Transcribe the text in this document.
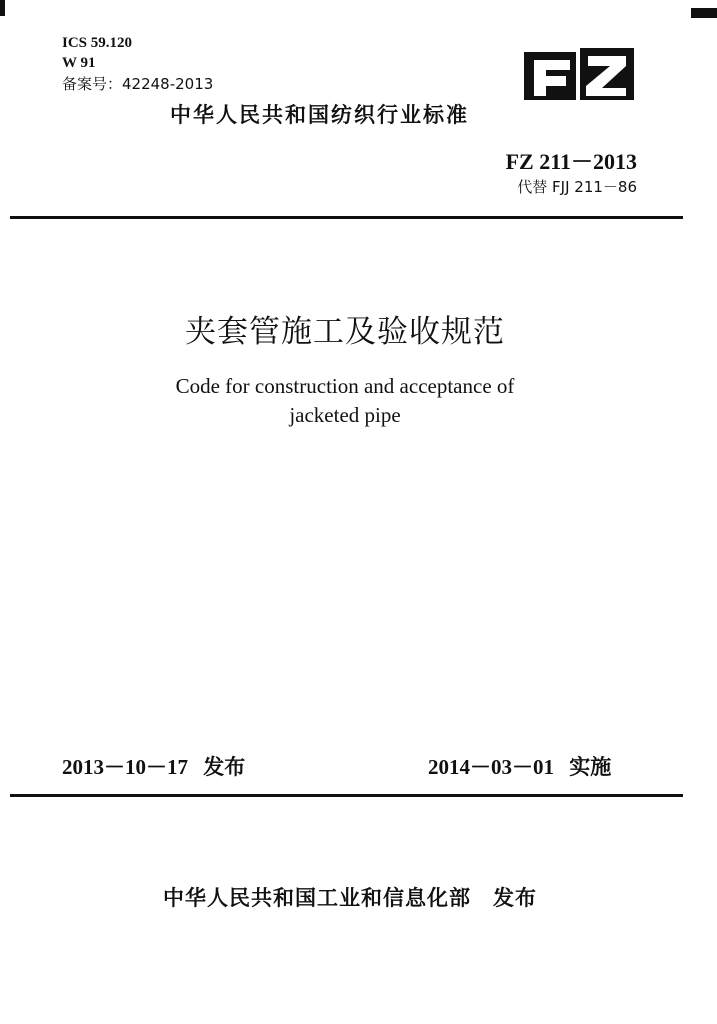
ICS 59.120
W 91
备案号：42248-2013
中华人民共和国纺织行业标准
FZ 211－2013
代替 FJJ 211－86
夹套管施工及验收规范
Code for construction and acceptance of
jacketed pipe
2013－10－17 发布	2014－03－01 实施
中华人民共和国工业和信息化部　发布
